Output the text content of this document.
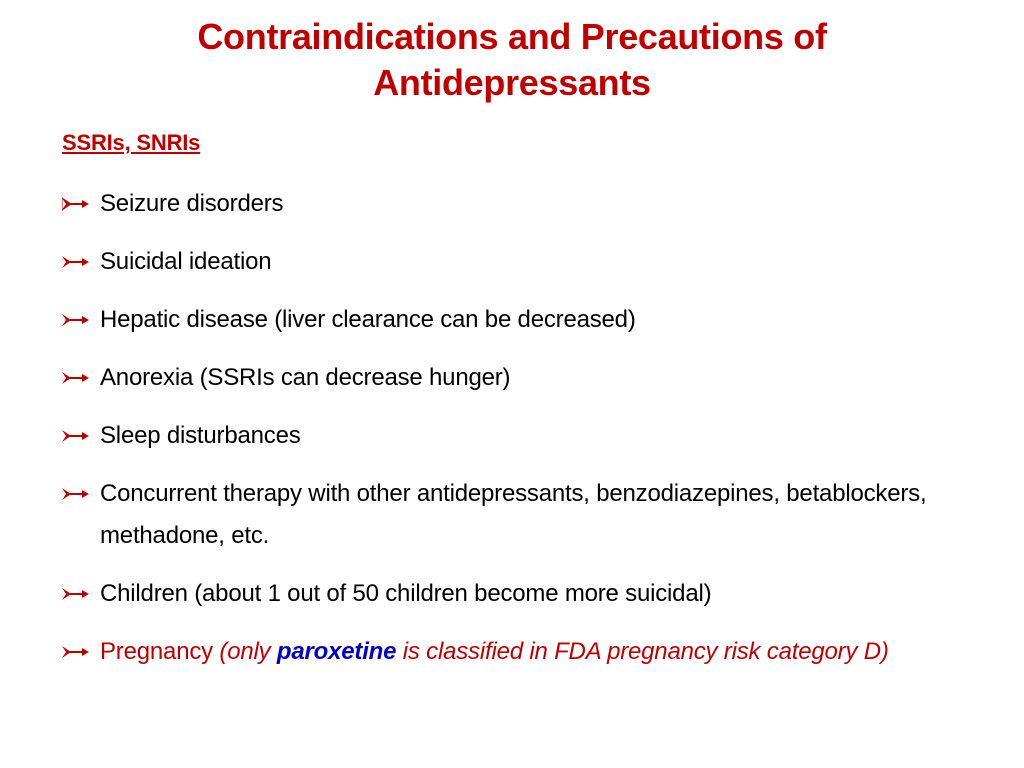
Contraindications and Precautions of
Antidepressants
SSRIs, SNRIs
Seizure disorders
Suicidal ideation
Hepatic disease (liver clearance can be decreased)
Anorexia (SSRIs can decrease hunger)
Sleep disturbances
Concurrent therapy with other antidepressants, benzodiazepines, betablockers, methadone, etc.
Children (about 1 out of 50 children become more suicidal)
Pregnancy (only paroxetine is classified in FDA pregnancy risk category D)
